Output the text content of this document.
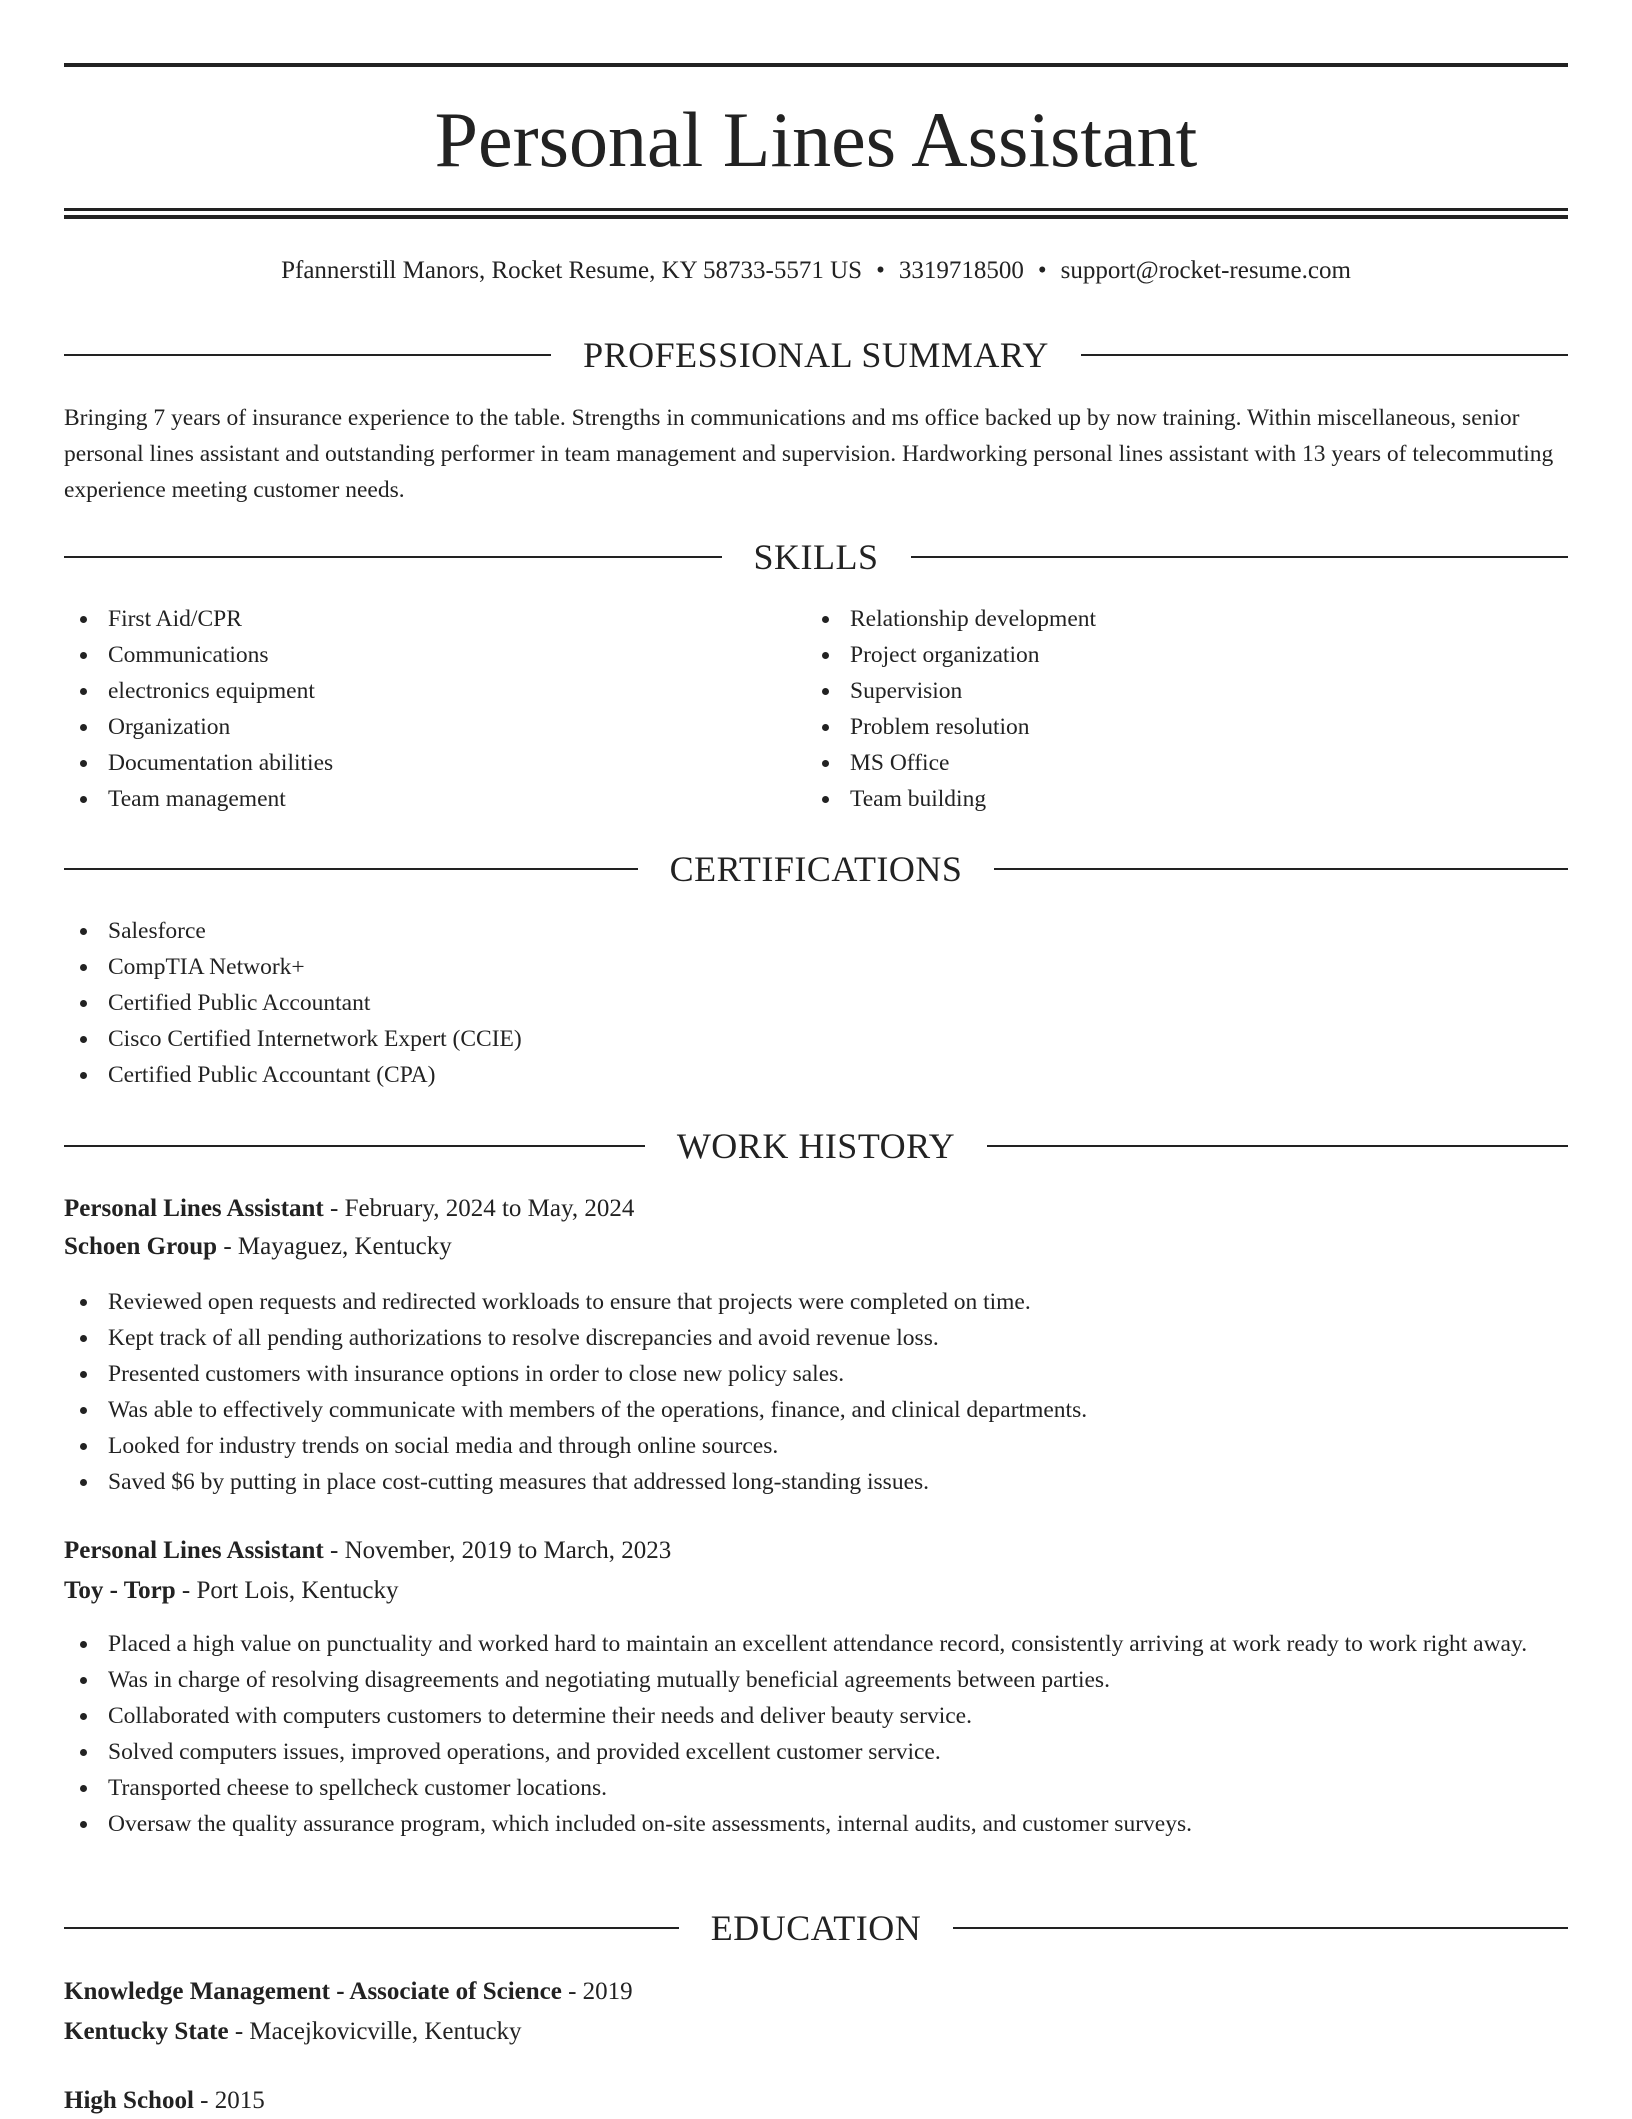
Personal Lines Assistant
Pfannerstill Manors, Rocket Resume, KY 58733-5571 US • 3319718500 • support@rocket-resume.com
PROFESSIONAL SUMMARY

Bringing 7 years of insurance experience to the table. Strengths in communications and ms office backed up by now training. Within miscellaneous, senior personal lines assistant and outstanding performer in team management and supervision. Hardworking personal lines assistant with 13 years of telecommuting experience meeting customer needs.

SKILLS
First Aid/CPR
Communications
electronics equipment
Organization
Documentation abilities
Team management
Relationship development
Project organization
Supervision
Problem resolution
MS Office
Team building
CERTIFICATIONS
Salesforce
CompTIA Network+
Certified Public Accountant
Cisco Certified Internetwork Expert (CCIE)
Certified Public Accountant (CPA)
WORK HISTORY
Personal Lines Assistant - February, 2024 to May, 2024
Schoen Group - Mayaguez, Kentucky
Reviewed open requests and redirected workloads to ensure that projects were completed on time.
Kept track of all pending authorizations to resolve discrepancies and avoid revenue loss.
Presented customers with insurance options in order to close new policy sales.
Was able to effectively communicate with members of the operations, finance, and clinical departments.
Looked for industry trends on social media and through online sources.
Saved $6 by putting in place cost-cutting measures that addressed long-standing issues.
Personal Lines Assistant - November, 2019 to March, 2023
Toy - Torp - Port Lois, Kentucky
Placed a high value on punctuality and worked hard to maintain an excellent attendance record, consistently arriving at work ready to work right away.
Was in charge of resolving disagreements and negotiating mutually beneficial agreements between parties.
Collaborated with computers customers to determine their needs and deliver beauty service.
Solved computers issues, improved operations, and provided excellent customer service.
Transported cheese to spellcheck customer locations.
Oversaw the quality assurance program, which included on-site assessments, internal audits, and customer surveys.
EDUCATION
Knowledge Management - Associate of Science - 2019
Kentucky State - Macejkovicville, Kentucky
High School - 2015
